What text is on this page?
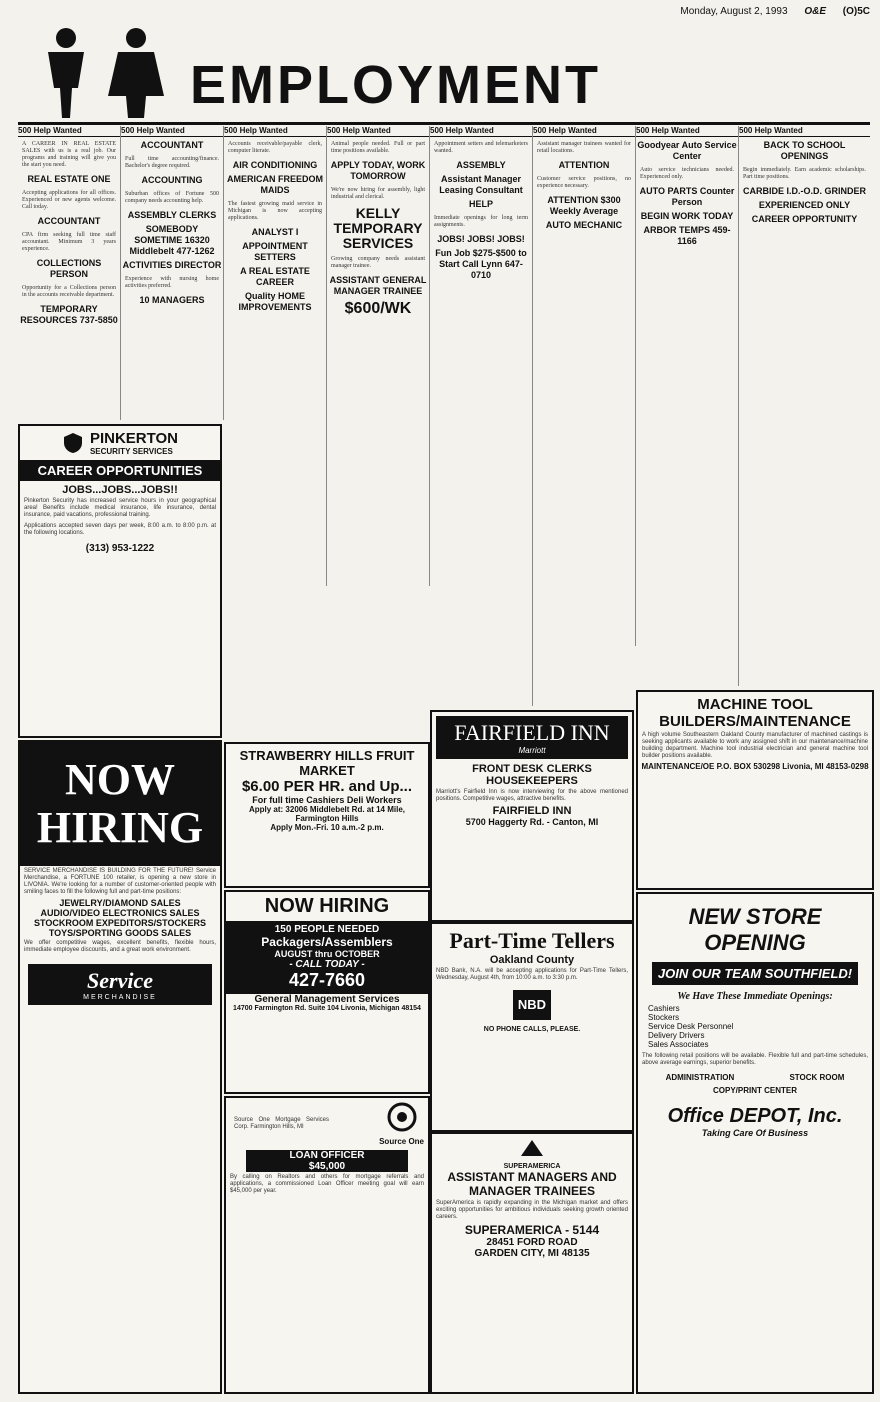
Monday, August 2, 1993 O&E (O)5C
EMPLOYMENT
500 Help Wanted

A CAREER IN REAL ESTATE SALES with us is a real job. Our programs and training will give you the start you need.

REAL ESTATE ONE

Accepting applications for all offices. Experienced or new agents welcome. Call today.

ACCOUNTANT

CPA firm seeking full time staff accountant. Minimum 3 years experience.

COLLECTIONS PERSON

Opportunity for a Collections person in the accounts receivable department.

TEMPORARY RESOURCES 737-5850
500 Help Wanted
ACCOUNTANT

Full time accounting/finance. Bachelor's degree required.

ACCOUNTING

Suburban offices of Fortune 500 company needs accounting help.

ASSEMBLY CLERKS
SOMEBODY SOMETIME 16320 Middlebelt 477-1262
ACTIVITIES DIRECTOR

Experience with nursing home activities preferred.

10 MANAGERS
500 Help Wanted

Accounts receivable/payable clerk, computer literate.

AIR CONDITIONING
AMERICAN FREEDOM MAIDS

The fastest growing maid service in Michigan is now accepting applications.

ANALYST I
APPOINTMENT SETTERS
A REAL ESTATE CAREER
Quality HOME IMPROVEMENTS
500 Help Wanted

Animal people needed. Full or part time positions available.

APPLY TODAY, WORK TOMORROW

We're now hiring for assembly, light industrial and clerical.

KELLY TEMPORARY SERVICES

Growing company needs assistant manager trainee.

ASSISTANT GENERAL MANAGER TRAINEE
$600/WK
500 Help Wanted

Appointment setters and telemarketers wanted.

ASSEMBLY
Assistant Manager Leasing Consultant
HELP

Immediate openings for long term assignments.

JOBS! JOBS! JOBS!
Fun Job $275-$500 to Start Call Lynn 647-0710
500 Help Wanted

Assistant manager trainees wanted for retail locations.

ATTENTION

Customer service positions, no experience necessary.

ATTENTION $300 Weekly Average
AUTO MECHANIC
500 Help Wanted
Goodyear Auto Service Center

Auto service technicians needed. Experienced only.

AUTO PARTS Counter Person
BEGIN WORK TODAY
ARBOR TEMPS 459-1166
500 Help Wanted
BACK TO SCHOOL OPENINGS

Begin immediately. Earn academic scholarships. Part time positions.

CARBIDE I.D.-O.D. GRINDER
EXPERIENCED ONLY
CAREER OPPORTUNITY
PINKERTON
SECURITY SERVICES
CAREER OPPORTUNITIES
JOBS...JOBS...JOBS!!
Pinkerton Security has increased service hours in your geographical area! Benefits include medical insurance, life insurance, dental insurance, paid vacations, professional training.
Applications accepted seven days per week, 8:00 a.m. to 8:00 p.m. at the following locations.
(313) 953-1222
NOW HIRING
SERVICE MERCHANDISE IS BUILDING FOR THE FUTURE! Service Merchandise, a FORTUNE 100 retailer, is opening a new store in LIVONIA. We're looking for a number of customer-oriented people with smiling faces to fill the following full and part-time positions:
JEWELRY/DIAMOND SALES
AUDIO/VIDEO ELECTRONICS SALES
STOCKROOM EXPEDITORS/STOCKERS
TOYS/SPORTING GOODS SALES
We offer competitive wages, excellent benefits, flexible hours, immediate employee discounts, and a great work environment.
Service
MERCHANDISE
STRAWBERRY HILLS FRUIT MARKET
$6.00 PER HR. and Up...
For full time Cashiers Deli Workers
Apply at: 32006 Middlebelt Rd. at 14 Mile, Farmington Hills
Apply Mon.-Fri. 10 a.m.-2 p.m.
NOW HIRING
150 PEOPLE NEEDED
Packagers/Assemblers
AUGUST thru OCTOBER
- CALL TODAY -
427-7660
General Management Services
14700 Farmington Rd. Suite 104 Livonia, Michigan 48154
Source One Mortgage Services Corp. Farmington Hills, MI
Source One
LOAN OFFICER
$45,000
By calling on Realtors and others for mortgage referrals and applications, a commissioned Loan Officer meeting goal will earn $45,000 per year.
FAIRFIELD INN
Marriott
FRONT DESK CLERKS HOUSEKEEPERS
Marriott's Fairfield Inn is now interviewing for the above mentioned positions. Competitive wages, attractive benefits.
FAIRFIELD INN
5700 Haggerty Rd. - Canton, MI
Part-Time Tellers
Oakland County
NBD Bank, N.A. will be accepting applications for Part-Time Tellers, Wednesday, August 4th, from 10:00 a.m. to 3:30 p.m.
NBD
NO PHONE CALLS, PLEASE.
SUPERAMERICA
ASSISTANT MANAGERS AND MANAGER TRAINEES
SuperAmerica is rapidly expanding in the Michigan market and offers exciting opportunities for ambitious individuals seeking growth oriented careers.
SUPERAMERICA - 5144
28451 FORD ROAD
GARDEN CITY, MI 48135
MACHINE TOOL BUILDERS/MAINTENANCE
A high volume Southeastern Oakland County manufacturer of machined castings is seeking applicants available to work any assigned shift in our maintenance/machine building department. Machine tool industrial electrician and general machine tool builder positions available.
MAINTENANCE/OE P.O. BOX 530298 Livonia, MI 48153-0298
NEW STORE OPENING
JOIN OUR TEAM SOUTHFIELD!
We Have These Immediate Openings:
Cashiers
Stockers
Service Desk Personnel
Delivery Drivers
Sales Associates
The following retail positions will be available. Flexible full and part-time schedules, above average earnings, superior benefits.
ADMINISTRATION	STOCK ROOM
COPY/PRINT CENTER
Office DEPOT, Inc.
Taking Care Of Business
